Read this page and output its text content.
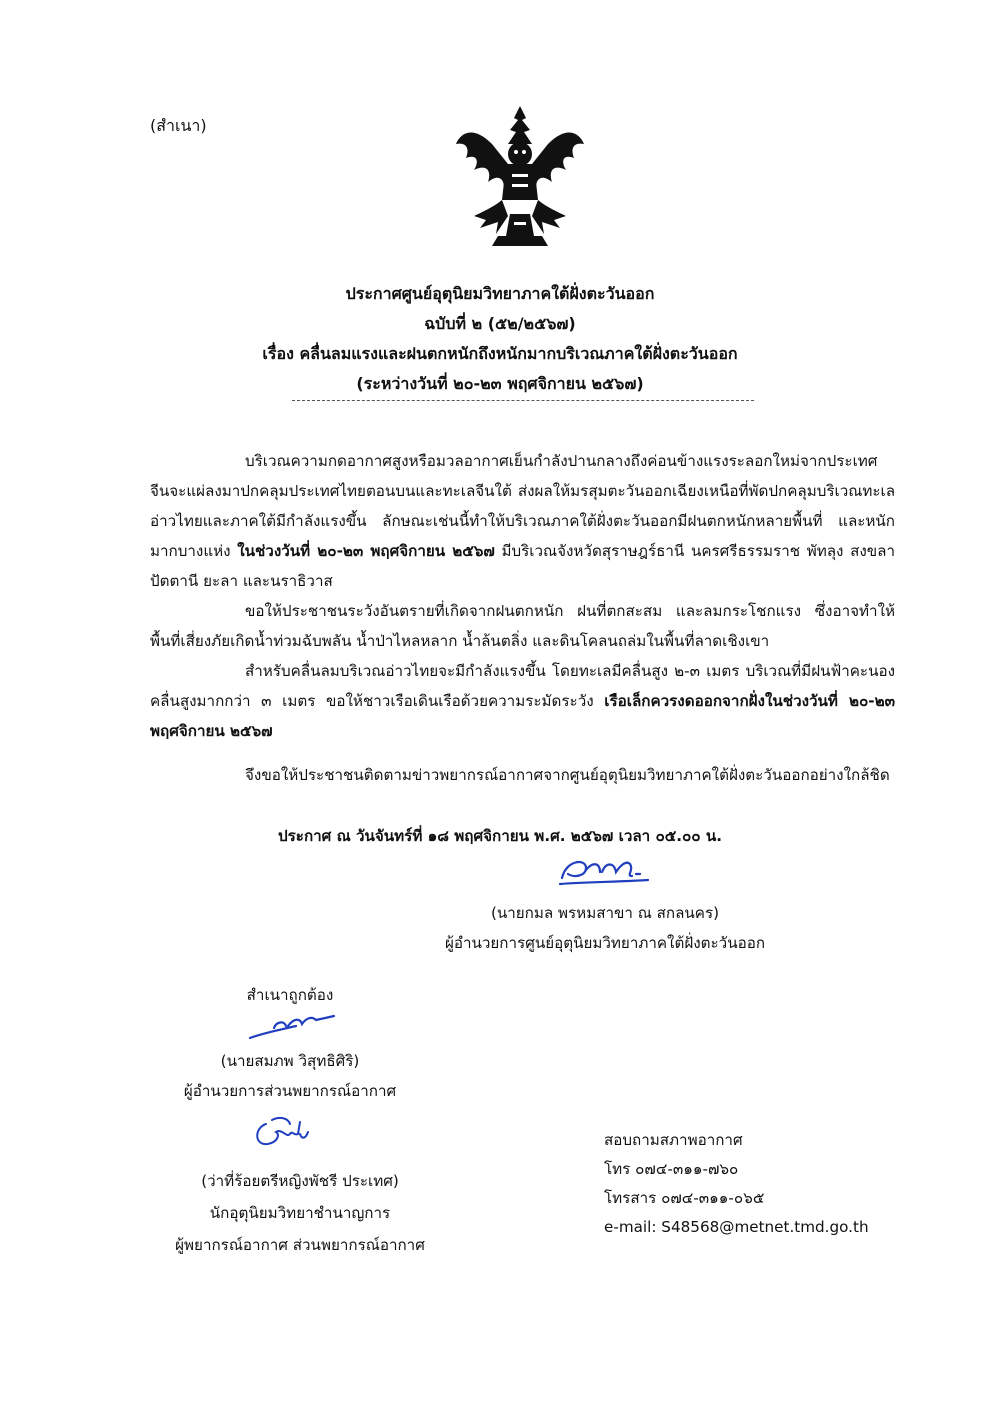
(สำเนา)
ประกาศศูนย์อุตุนิยมวิทยาภาคใต้ฝั่งตะวันออก
ฉบับที่ ๒ (๕๒/๒๕๖๗)
เรื่อง คลื่นลมแรงและฝนตกหนักถึงหนักมากบริเวณภาคใต้ฝั่งตะวันออก
(ระหว่างวันที่ ๒๐-๒๓ พฤศจิกายน ๒๕๖๗)

บริเวณความกดอากาศสูงหรือมวลอากาศเย็นกำลังปานกลางถึงค่อนข้างแรงระลอกใหม่จากประเทศจีนจะแผ่ลงมาปกคลุมประเทศไทยตอนบนและทะเลจีนใต้ ส่งผลให้มรสุมตะวันออกเฉียงเหนือที่พัดปกคลุมบริเวณทะเลอ่าวไทยและภาคใต้มีกำลังแรงขึ้น ลักษณะเช่นนี้ทำให้บริเวณภาคใต้ฝั่งตะวันออกมีฝนตกหนักหลายพื้นที่ และหนักมากบางแห่ง ในช่วงวันที่ ๒๐-๒๓ พฤศจิกายน ๒๕๖๗ มีบริเวณจังหวัดสุราษฎร์ธานี นครศรีธรรมราช พัทลุง สงขลา ปัตตานี ยะลา และนราธิวาส

ขอให้ประชาชนระวังอันตรายที่เกิดจากฝนตกหนัก ฝนที่ตกสะสม และลมกระโชกแรง ซึ่งอาจทำให้พื้นที่เสี่ยงภัยเกิดน้ำท่วมฉับพลัน น้ำป่าไหลหลาก น้ำล้นตลิ่ง และดินโคลนถล่มในพื้นที่ลาดเชิงเขา

สำหรับคลื่นลมบริเวณอ่าวไทยจะมีกำลังแรงขึ้น โดยทะเลมีคลื่นสูง ๒-๓ เมตร บริเวณที่มีฝนฟ้าคะนองคลื่นสูงมากกว่า ๓ เมตร ขอให้ชาวเรือเดินเรือด้วยความระมัดระวัง เรือเล็กควรงดออกจากฝั่งในช่วงวันที่ ๒๐-๒๓ พฤศจิกายน ๒๕๖๗

จึงขอให้ประชาชนติดตามข่าวพยากรณ์อากาศจากศูนย์อุตุนิยมวิทยาภาคใต้ฝั่งตะวันออกอย่างใกล้ชิด

ประกาศ ณ วันจันทร์ที่ ๑๘ พฤศจิกายน พ.ศ. ๒๕๖๗ เวลา ๐๕.๐๐ น.
(นายกมล พรหมสาขา ณ สกลนคร)
ผู้อำนวยการศูนย์อุตุนิยมวิทยาภาคใต้ฝั่งตะวันออก
สำเนาถูกต้อง
(นายสมภพ วิสุทธิศิริ)
ผู้อำนวยการส่วนพยากรณ์อากาศ
(ว่าที่ร้อยตรีหญิงพัชรี ประเทศ)
นักอุตุนิยมวิทยาชำนาญการ
ผู้พยากรณ์อากาศ ส่วนพยากรณ์อากาศ
สอบถามสภาพอากาศ
โทร ๐๗๔-๓๑๑-๗๖๐
โทรสาร ๐๗๔-๓๑๑-๐๖๕
e-mail: S48568@metnet.tmd.go.th
